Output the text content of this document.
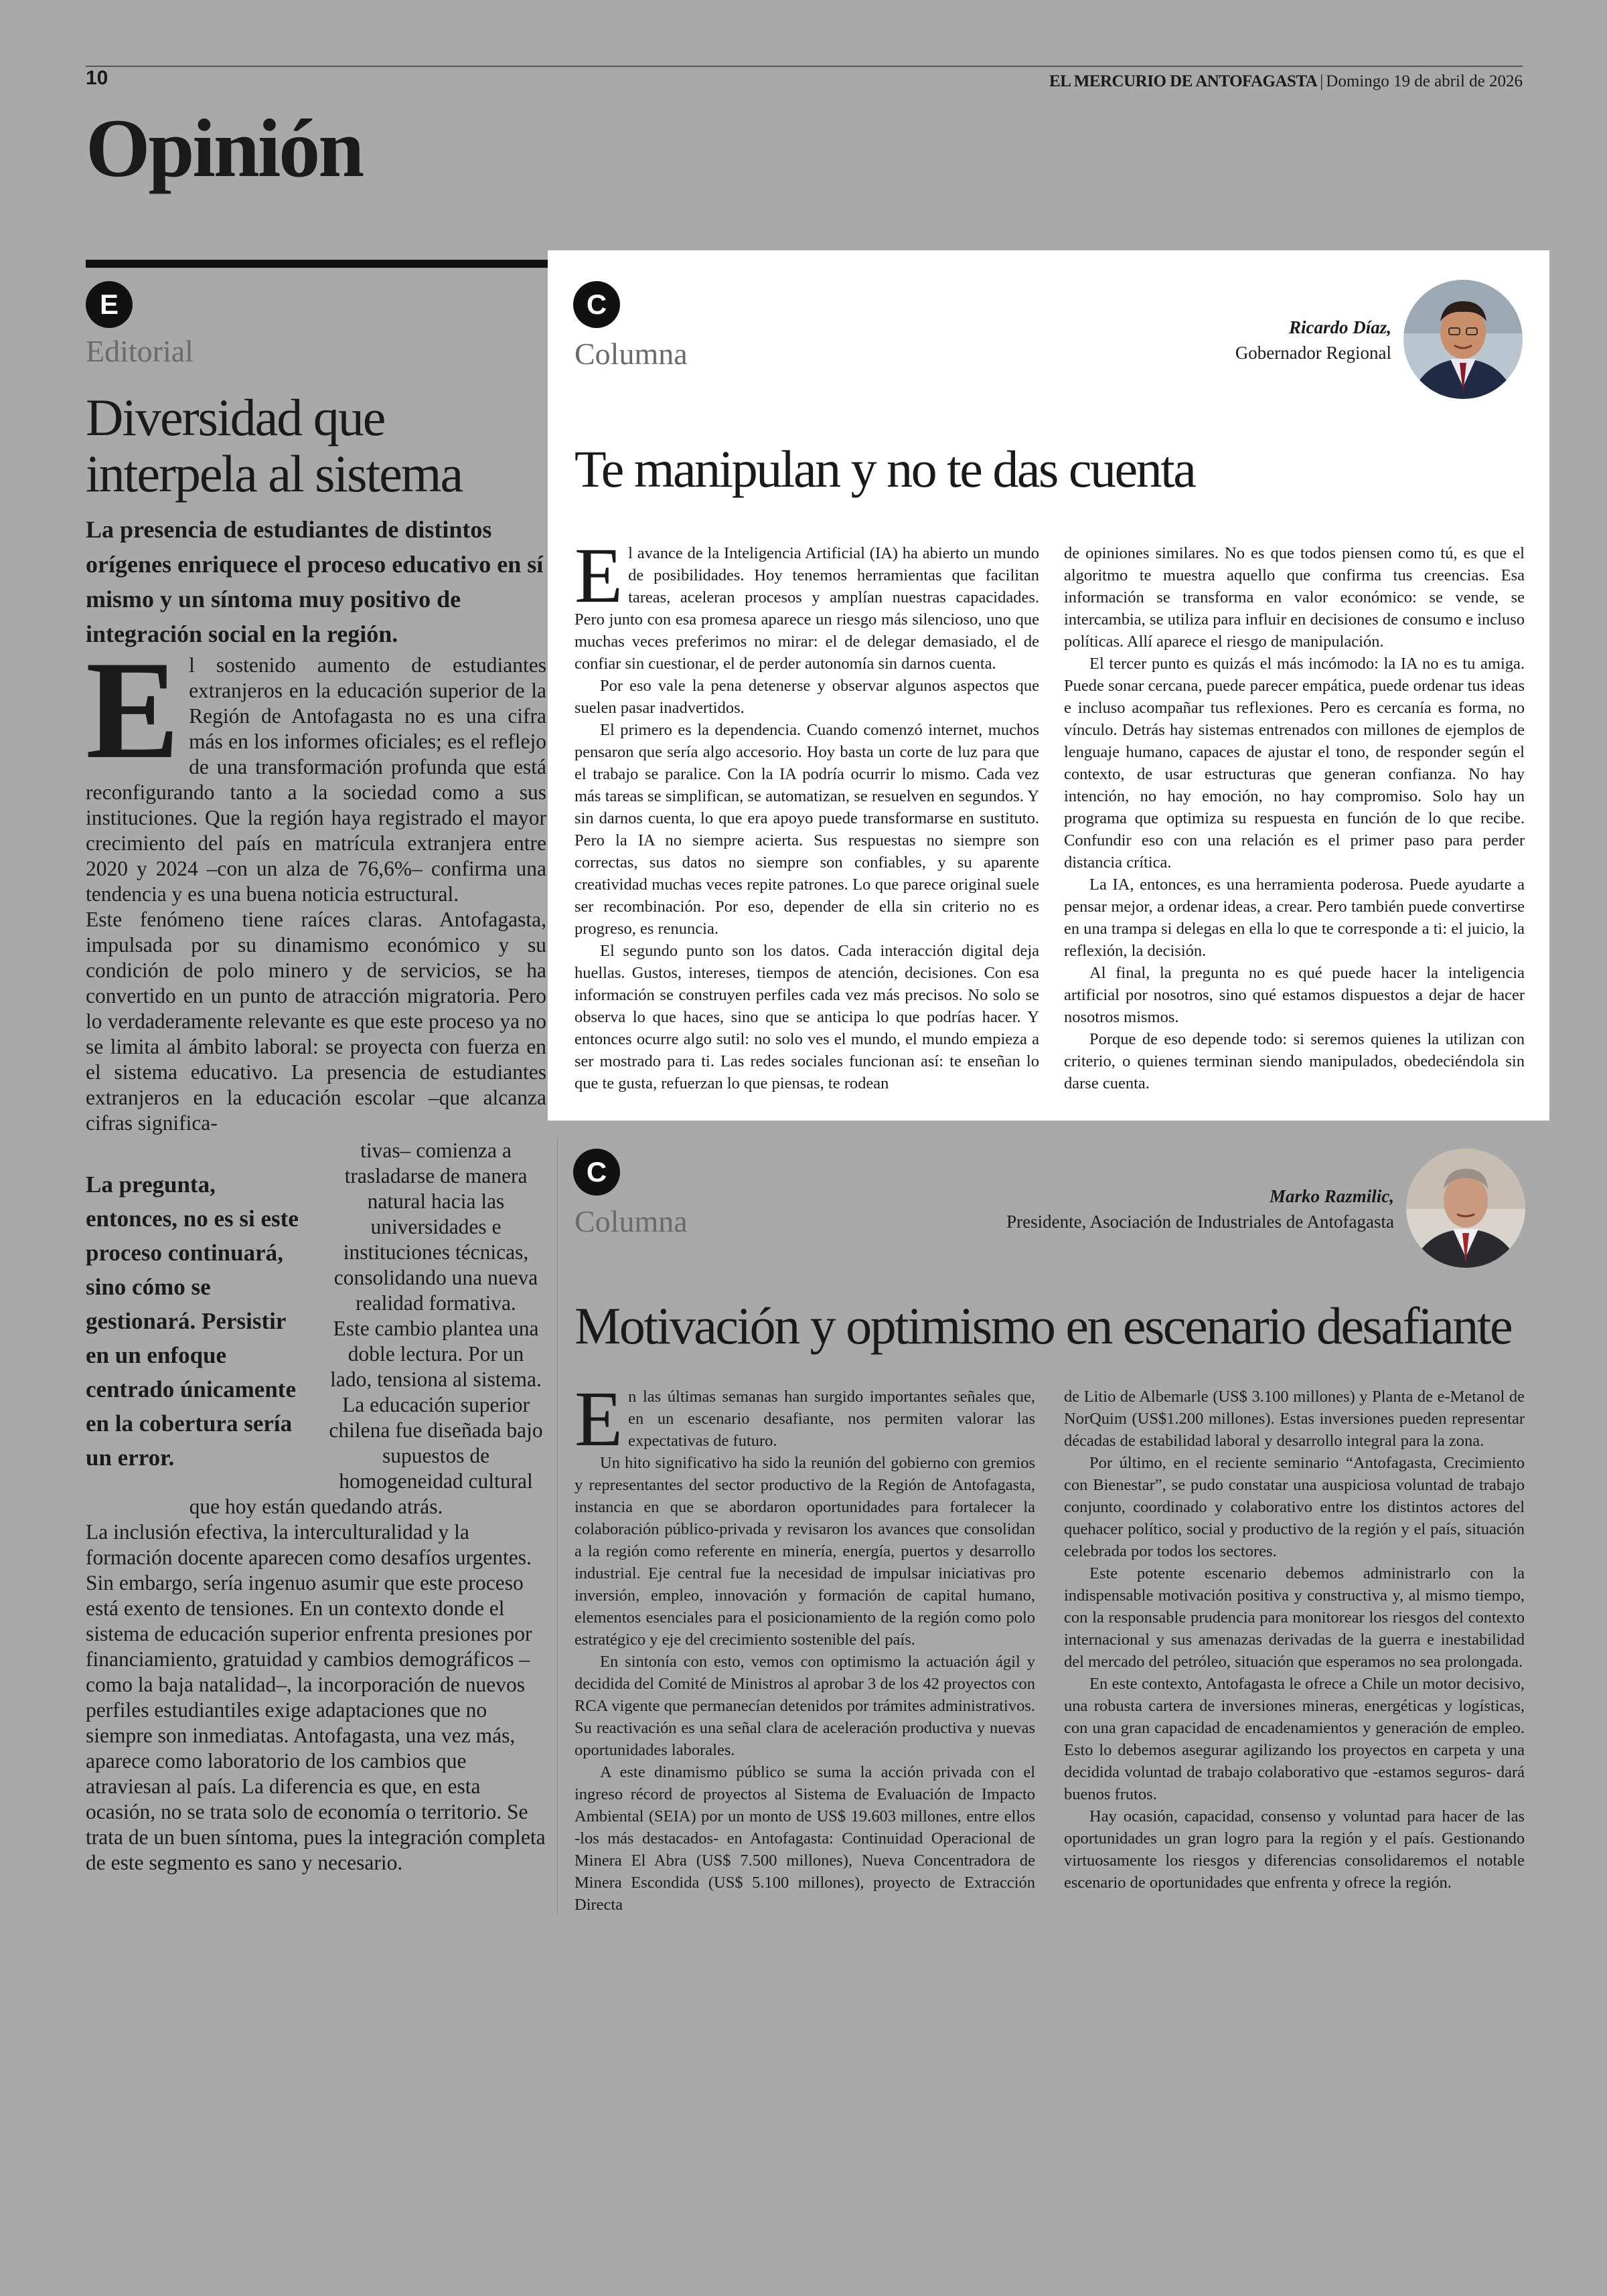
10	EL MERCURIO DE ANTOFAGASTA | Domingo 19 de abril de 2026
Opinión
E
Editorial
Diversidad que interpela al sistema
La presencia de estudiantes de distintos orígenes enriquece el proceso educativo en sí mismo y un síntoma muy positivo de integración social en la región.
E l sostenido aumento de estudiantes extranjeros en la educación superior de la Región de Antofagasta no es una cifra más en los informes oficiales; es el reflejo de una transformación profunda que está reconfigurando tanto a la sociedad como a sus instituciones. Que la región haya registrado el mayor crecimiento del país en matrícula extranjera entre 2020 y 2024 –con un alza de 76,6%– confirma una tendencia y es una buena noticia estructural.

Este fenómeno tiene raíces claras. Antofagasta, impulsada por su dinamismo económico y su condición de polo minero y de servicios, se ha convertido en un punto de atracción migratoria. Pero lo verdaderamente relevante es que este proceso ya no se limita al ámbito laboral: se proyecta con fuerza en el sistema educativo. La presencia de estudiantes extranjeros en la educación escolar –que alcanza cifras significa-

La pregunta, entonces, no es si este proceso continuará, sino cómo se gestionará. Persistir en un enfoque centrado únicamente en la cobertura sería un error.

tivas– comienza a trasladarse de manera natural hacia las universidades e instituciones técnicas, consolidando una nueva realidad formativa.

Este cambio plantea una doble lectura. Por un lado, tensiona al sistema. La educación superior chilena fue diseñada bajo supuestos de homogeneidad cultural que hoy están quedando atrás.

La inclusión efectiva, la interculturalidad y la formación docente aparecen como desafíos urgentes.

Sin embargo, sería ingenuo asumir que este proceso está exento de tensiones. En un contexto donde el sistema de educación superior enfrenta presiones por financiamiento, gratuidad y cambios demográficos –como la baja natalidad–, la incorporación de nuevos perfiles estudiantiles exige adaptaciones que no siempre son inmediatas. Antofagasta, una vez más, aparece como laboratorio de los cambios que atraviesan al país. La diferencia es que, en esta ocasión, no se trata solo de economía o territorio. Se trata de un buen síntoma, pues la integración completa de este segmento es sano y necesario.

C
Columna
Ricardo Díaz,
Gobernador Regional
Te manipulan y no te das cuenta
E l avance de la Inteligencia Artificial (IA) ha abierto un mundo de posibilidades. Hoy tenemos herramientas que facilitan tareas, aceleran procesos y amplían nuestras capacidades. Pero junto con esa promesa aparece un riesgo más silencioso, uno que muchas veces preferimos no mirar: el de delegar demasiado, el de confiar sin cuestionar, el de perder autonomía sin darnos cuenta.

Por eso vale la pena detenerse y observar algunos aspectos que suelen pasar inadvertidos.

El primero es la dependencia. Cuando comenzó internet, muchos pensaron que sería algo accesorio. Hoy basta un corte de luz para que el trabajo se paralice. Con la IA podría ocurrir lo mismo. Cada vez más tareas se simplifican, se automatizan, se resuelven en segundos. Y sin darnos cuenta, lo que era apoyo puede transformarse en sustituto. Pero la IA no siempre acierta. Sus respuestas no siempre son correctas, sus datos no siempre son confiables, y su aparente creatividad muchas veces repite patrones. Lo que parece original suele ser recombinación. Por eso, depender de ella sin criterio no es progreso, es renuncia.

El segundo punto son los datos. Cada interacción digital deja huellas. Gustos, intereses, tiempos de atención, decisiones. Con esa información se construyen perfiles cada vez más precisos. No solo se observa lo que haces, sino que se anticipa lo que podrías hacer. Y entonces ocurre algo sutil: no solo ves el mundo, el mundo empieza a ser mostrado para ti. Las redes sociales funcionan así: te enseñan lo que te gusta, refuerzan lo que piensas, te rodean

de opiniones similares. No es que todos piensen como tú, es que el algoritmo te muestra aquello que confirma tus creencias. Esa información se transforma en valor económico: se vende, se intercambia, se utiliza para influir en decisiones de consumo e incluso políticas. Allí aparece el riesgo de manipulación.

El tercer punto es quizás el más incómodo: la IA no es tu amiga. Puede sonar cercana, puede parecer empática, puede ordenar tus ideas e incluso acompañar tus reflexiones. Pero es cercanía es forma, no vínculo. Detrás hay sistemas entrenados con millones de ejemplos de lenguaje humano, capaces de ajustar el tono, de responder según el contexto, de usar estructuras que generan confianza. No hay intención, no hay emoción, no hay compromiso. Solo hay un programa que optimiza su respuesta en función de lo que recibe. Confundir eso con una relación es el primer paso para perder distancia crítica.

La IA, entonces, es una herramienta poderosa. Puede ayudarte a pensar mejor, a ordenar ideas, a crear. Pero también puede convertirse en una trampa si delegas en ella lo que te corresponde a ti: el juicio, la reflexión, la decisión.

Al final, la pregunta no es qué puede hacer la inteligencia artificial por nosotros, sino qué estamos dispuestos a dejar de hacer nosotros mismos.

Porque de eso depende todo: si seremos quienes la utilizan con criterio, o quienes terminan siendo manipulados, obedeciéndola sin darse cuenta.

C
Columna
Marko Razmilic,
Presidente, Asociación de Industriales de Antofagasta
Motivación y optimismo en escenario desafiante
E n las últimas semanas han surgido importantes señales que, en un escenario desafiante, nos permiten valorar las expectativas de futuro.

Un hito significativo ha sido la reunión del gobierno con gremios y representantes del sector productivo de la Región de Antofagasta, instancia en que se abordaron oportunidades para fortalecer la colaboración público-privada y revisaron los avances que consolidan a la región como referente en minería, energía, puertos y desarrollo industrial. Eje central fue la necesidad de impulsar iniciativas pro inversión, empleo, innovación y formación de capital humano, elementos esenciales para el posicionamiento de la región como polo estratégico y eje del crecimiento sostenible del país.

En sintonía con esto, vemos con optimismo la actuación ágil y decidida del Comité de Ministros al aprobar 3 de los 42 proyectos con RCA vigente que permanecían detenidos por trámites administrativos. Su reactivación es una señal clara de aceleración productiva y nuevas oportunidades laborales.

A este dinamismo público se suma la acción privada con el ingreso récord de proyectos al Sistema de Evaluación de Impacto Ambiental (SEIA) por un monto de US$ 19.603 millones, entre ellos -los más destacados- en Antofagasta: Continuidad Operacional de Minera El Abra (US$ 7.500 millones), Nueva Concentradora de Minera Escondida (US$ 5.100 millones), proyecto de Extracción Directa

de Litio de Albemarle (US$ 3.100 millones) y Planta de e-Metanol de NorQuim (US$1.200 millones). Estas inversiones pueden representar décadas de estabilidad laboral y desarrollo integral para la zona.

Por último, en el reciente seminario “Antofagasta, Crecimiento con Bienestar”, se pudo constatar una auspiciosa voluntad de trabajo conjunto, coordinado y colaborativo entre los distintos actores del quehacer político, social y productivo de la región y el país, situación celebrada por todos los sectores.

Este potente escenario debemos administrarlo con la indispensable motivación positiva y constructiva y, al mismo tiempo, con la responsable prudencia para monitorear los riesgos del contexto internacional y sus amenazas derivadas de la guerra e inestabilidad del mercado del petróleo, situación que esperamos no sea prolongada.

En este contexto, Antofagasta le ofrece a Chile un motor decisivo, una robusta cartera de inversiones mineras, energéticas y logísticas, con una gran capacidad de encadenamientos y generación de empleo. Esto lo debemos asegurar agilizando los proyectos en carpeta y una decidida voluntad de trabajo colaborativo que -estamos seguros- dará buenos frutos.

Hay ocasión, capacidad, consenso y voluntad para hacer de las oportunidades un gran logro para la región y el país. Gestionando virtuosamente los riesgos y diferencias consolidaremos el notable escenario de oportunidades que enfrenta y ofrece la región.
